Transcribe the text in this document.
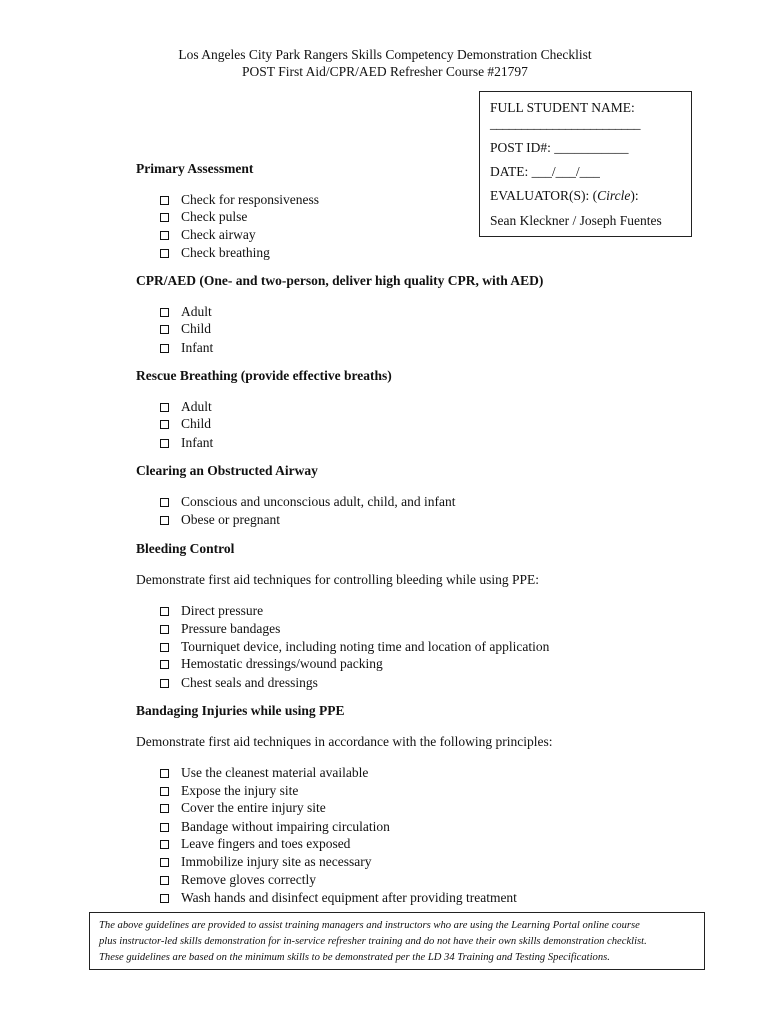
Los Angeles City Park Rangers Skills Competency Demonstration Checklist
POST First Aid/CPR/AED Refresher Course #21797
FULL STUDENT NAME:
________________________
POST ID#: ___________
DATE: ___/___/___
EVALUATOR(S): (Circle):
Sean Kleckner / Joseph Fuentes
Primary Assessment
Check for responsiveness
Check pulse
Check airway
Check breathing
CPR/AED (One- and two-person, deliver high quality CPR, with AED)
Adult
Child
Infant
Rescue Breathing (provide effective breaths)
Adult
Child
Infant
Clearing an Obstructed Airway
Conscious and unconscious adult, child, and infant
Obese or pregnant
Bleeding Control
Demonstrate first aid techniques for controlling bleeding while using PPE:
Direct pressure
Pressure bandages
Tourniquet device, including noting time and location of application
Hemostatic dressings/wound packing
Chest seals and dressings
Bandaging Injuries while using PPE
Demonstrate first aid techniques in accordance with the following principles:
Use the cleanest material available
Expose the injury site
Cover the entire injury site
Bandage without impairing circulation
Leave fingers and toes exposed
Immobilize injury site as necessary
Remove gloves correctly
Wash hands and disinfect equipment after providing treatment
The above guidelines are provided to assist training managers and instructors who are using the Learning Portal online course
plus instructor-led skills demonstration for in-service refresher training and do not have their own skills demonstration checklist.
These guidelines are based on the minimum skills to be demonstrated per the LD 34 Training and Testing Specifications.
